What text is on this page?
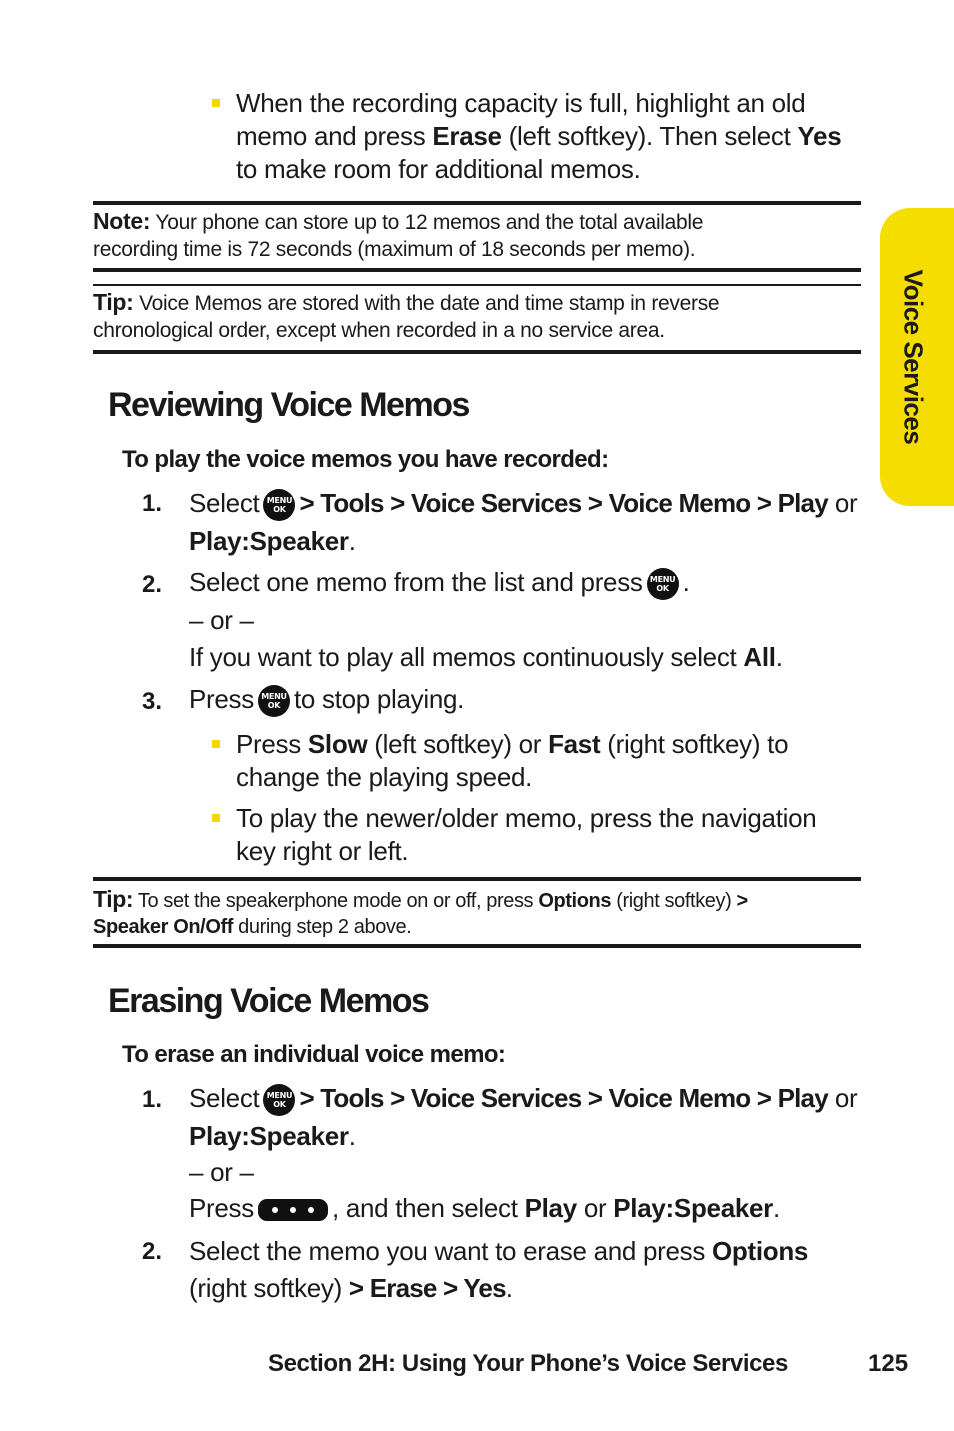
When the recording capacity is full, highlight an old
memo and press Erase (left softkey). Then select Yes
to make room for additional memos.
Note: Your phone can store up to 12 memos and the total available
recording time is 72 seconds (maximum of 18 seconds per memo).
Tip: Voice Memos are stored with the date and time stamp in reverse
chronological order, except when recorded in a no service area.
Reviewing Voice Memos
To play the voice memos you have recorded:
1. Select MENU
OK > Tools > Voice Services > Voice Memo > Play or
Play:Speaker.
2. Select one memo from the list and press MENU
OK .
– or –
If you want to play all memos continuously select All.
3. Press MENU
OK to stop playing.
Press Slow (left softkey) or Fast (right softkey) to
change the playing speed.
To play the newer/older memo, press the navigation
key right or left.
Tip: To set the speakerphone mode on or off, press Options (right softkey) >
Speaker On/Off during step 2 above.
Erasing Voice Memos
To erase an individual voice memo:
1. Select MENU
OK > Tools > Voice Services > Voice Memo > Play or
Play:Speaker.
– or –
Press	, and then select Play or Play:Speaker.
2. Select the memo you want to erase and press Options
(right softkey) > Erase > Yes.
Voice Services
Section 2H: Using Your Phone’s Voice Services	125
